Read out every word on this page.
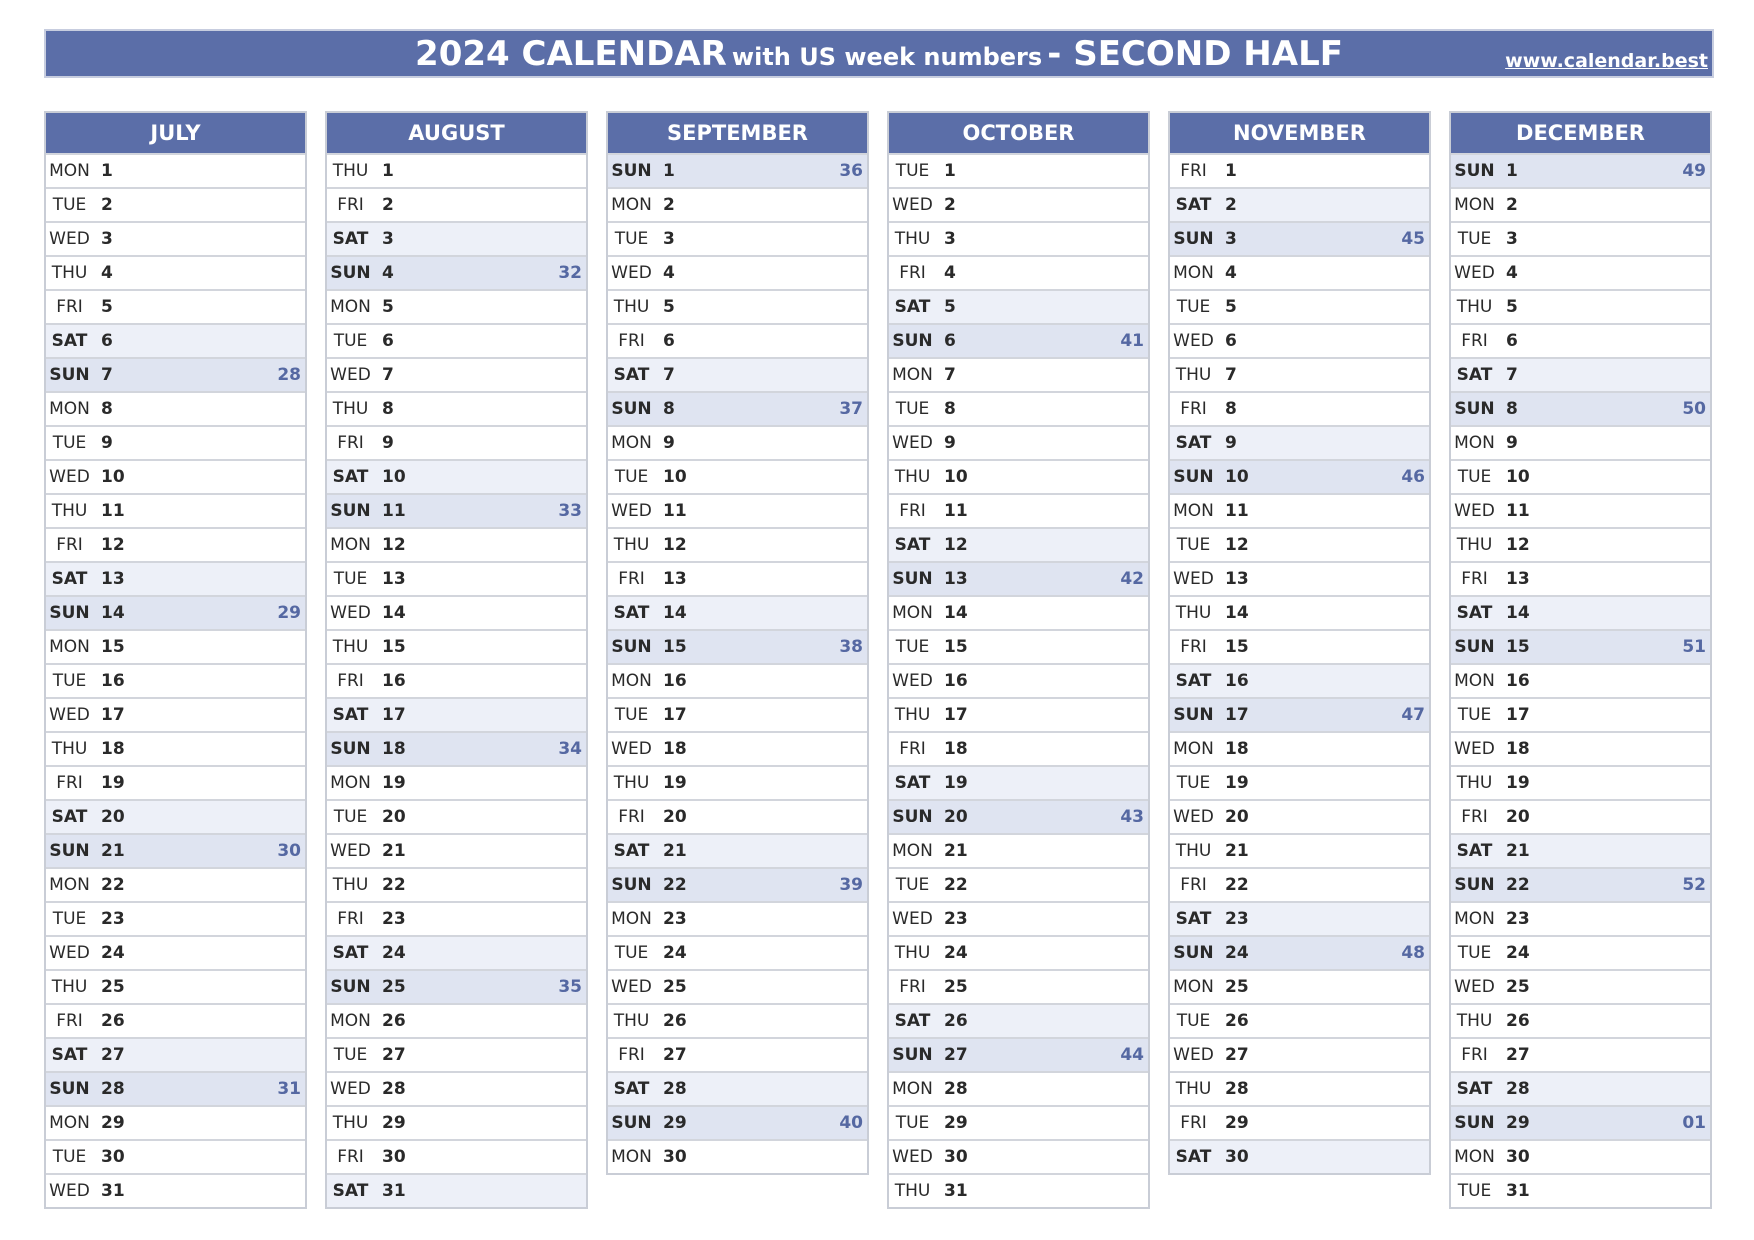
2024 CALENDAR with US week numbers - SECOND HALF	www.calendar.best
JULY
MON 1
TUE 2
WED 3
THU 4
FRI	5
SAT 6
SUN 7	28
MON 8
TUE 9
WED 10
THU 11
FRI	12
SAT 13
SUN 14	29
MON 15
TUE 16
WED 17
THU 18
FRI	19
SAT 20
SUN 21	30
MON 22
TUE 23
WED 24
THU 25
FRI	26
SAT 27
SUN 28	31
MON 29
TUE 30
WED 31
AUGUST
THU 1
FRI	2
SAT 3
SUN 4	32
MON 5
TUE 6
WED 7
THU 8
FRI	9
SAT 10
SUN 11	33
MON 12
TUE 13
WED 14
THU 15
FRI	16
SAT 17
SUN 18	34
MON 19
TUE 20
WED 21
THU 22
FRI	23
SAT 24
SUN 25	35
MON 26
TUE 27
WED 28
THU 29
FRI	30
SAT 31
SEPTEMBER
SUN 1	36
MON 2
TUE 3
WED 4
THU 5
FRI	6
SAT 7
SUN 8	37
MON 9
TUE 10
WED 11
THU 12
FRI	13
SAT 14
SUN 15	38
MON 16
TUE 17
WED 18
THU 19
FRI	20
SAT 21
SUN 22	39
MON 23
TUE 24
WED 25
THU 26
FRI	27
SAT 28
SUN 29	40
MON 30
OCTOBER
TUE 1
WED 2
THU 3
FRI	4
SAT 5
SUN 6	41
MON 7
TUE 8
WED 9
THU 10
FRI	11
SAT 12
SUN 13	42
MON 14
TUE 15
WED 16
THU 17
FRI	18
SAT 19
SUN 20	43
MON 21
TUE 22
WED 23
THU 24
FRI	25
SAT 26
SUN 27	44
MON 28
TUE 29
WED 30
THU 31
NOVEMBER
FRI	1
SAT 2
SUN 3	45
MON 4
TUE 5
WED 6
THU 7
FRI	8
SAT 9
SUN 10	46
MON 11
TUE 12
WED 13
THU 14
FRI	15
SAT 16
SUN 17	47
MON 18
TUE 19
WED 20
THU 21
FRI	22
SAT 23
SUN 24	48
MON 25
TUE 26
WED 27
THU 28
FRI	29
SAT 30
DECEMBER
SUN 1	49
MON 2
TUE 3
WED 4
THU 5
FRI	6
SAT 7
SUN 8	50
MON 9
TUE 10
WED 11
THU 12
FRI	13
SAT 14
SUN 15	51
MON 16
TUE 17
WED 18
THU 19
FRI	20
SAT 21
SUN 22	52
MON 23
TUE 24
WED 25
THU 26
FRI	27
SAT 28
SUN 29	01
MON 30
TUE 31
